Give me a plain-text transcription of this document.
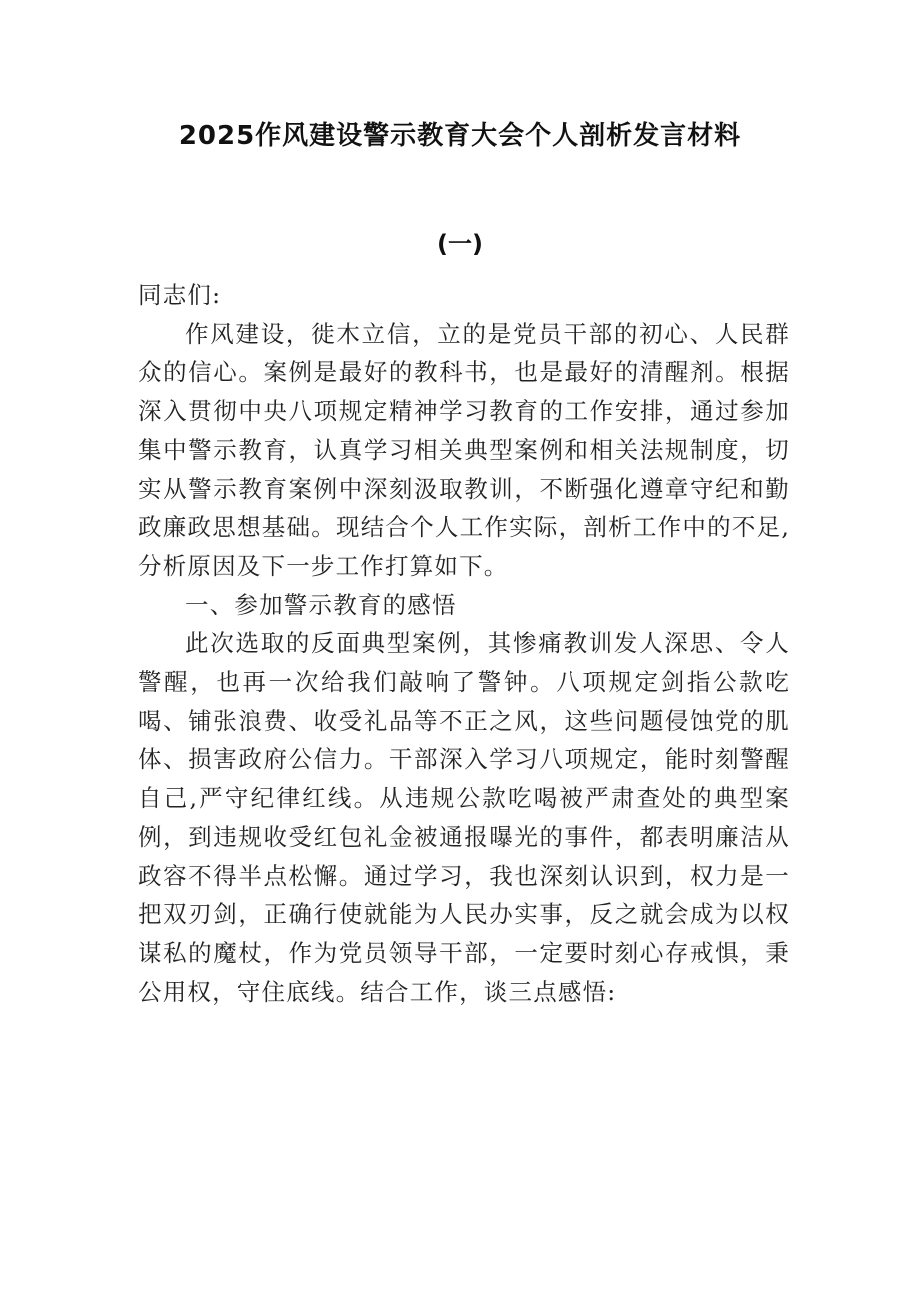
2025作风建设警示教育大会个人剖析发言材料
(一)

同志们:

作风建设，徙木立信，立的是党员干部的初心、人民群众的信心。案例是最好的教科书，也是最好的清醒剂。根据深入贯彻中央八项规定精神学习教育的工作安排，通过参加集中警示教育，认真学习相关典型案例和相关法规制度，切实从警示教育案例中深刻汲取教训，不断强化遵章守纪和勤政廉政思想基础。现结合个人工作实际，剖析工作中的不足,分析原因及下一步工作打算如下。

一、参加警示教育的感悟

此次选取的反面典型案例，其惨痛教训发人深思、令人警醒，也再一次给我们敲响了警钟。八项规定剑指公款吃喝、铺张浪费、收受礼品等不正之风，这些问题侵蚀党的肌体、损害政府公信力。干部深入学习八项规定，能时刻警醒自己,严守纪律红线。从违规公款吃喝被严肃查处的典型案例，到违规收受红包礼金被通报曝光的事件，都表明廉洁从政容不得半点松懈。通过学习，我也深刻认识到，权力是一把双刃剑，正确行使就能为人民办实事，反之就会成为以权谋私的魔杖，作为党员领导干部，一定要时刻心存戒惧，秉公用权，守住底线。结合工作，谈三点感悟:
